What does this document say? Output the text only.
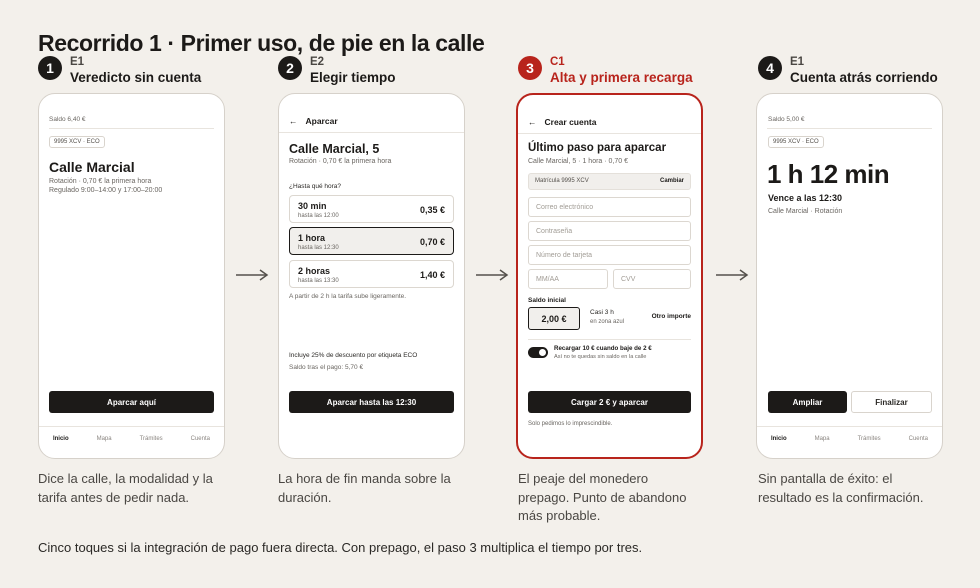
Recorrido 1 · Primer uso, de pie en la calle
1	E1
Veredicto sin cuenta
2	E2
Elegir tiempo
3	C1
Alta y primera recarga
4	E1
Cuenta atrás corriendo
Saldo 6,40 €
9995 XCV · ECO
Calle Marcial
Rotación · 0,70 € la primera hora
Regulado 9:00–14:00 y 17:00–20:00
Aparcar aquí
Inicio	Mapa	Trámites	Cuenta
← Aparcar
Calle Marcial, 5
Rotación · 0,70 € la primera hora
¿Hasta qué hora?
30 min
hasta las 12:00
0,35 €
1 hora
hasta las 12:30
0,70 €
2 horas
hasta las 13:30
1,40 €
A partir de 2 h la tarifa sube ligeramente.
Incluye 25% de descuento por etiqueta ECO
Saldo tras el pago: 5,70 €
Aparcar hasta las 12:30
← Crear cuenta
Último paso para aparcar
Calle Marcial, 5 · 1 hora · 0,70 €
Matrícula 9995 XCV	Cambiar
Correo electrónico
Contraseña
Número de tarjeta
MM/AA	CVV
Saldo inicial
2,00 €
Casi 3 h
en zona azul
Otro importe
Recargar 10 € cuando baje de 2 €
Así no te quedas sin saldo en la calle
Cargar 2 € y aparcar
Solo pedimos lo imprescindible.
Saldo 5,00 €
9995 XCV · ECO
1 h 12 min
Vence a las 12:30
Calle Marcial · Rotación
Ampliar	Finalizar
Inicio	Mapa	Trámites	Cuenta
Dice la calle, la modalidad y la tarifa antes de pedir nada.
La hora de fin manda sobre la duración.
El peaje del monedero prepago. Punto de abandono más probable.
Sin pantalla de éxito: el resultado es la confirmación.
Cinco toques si la integración de pago fuera directa. Con prepago, el paso 3 multiplica el tiempo por tres.
